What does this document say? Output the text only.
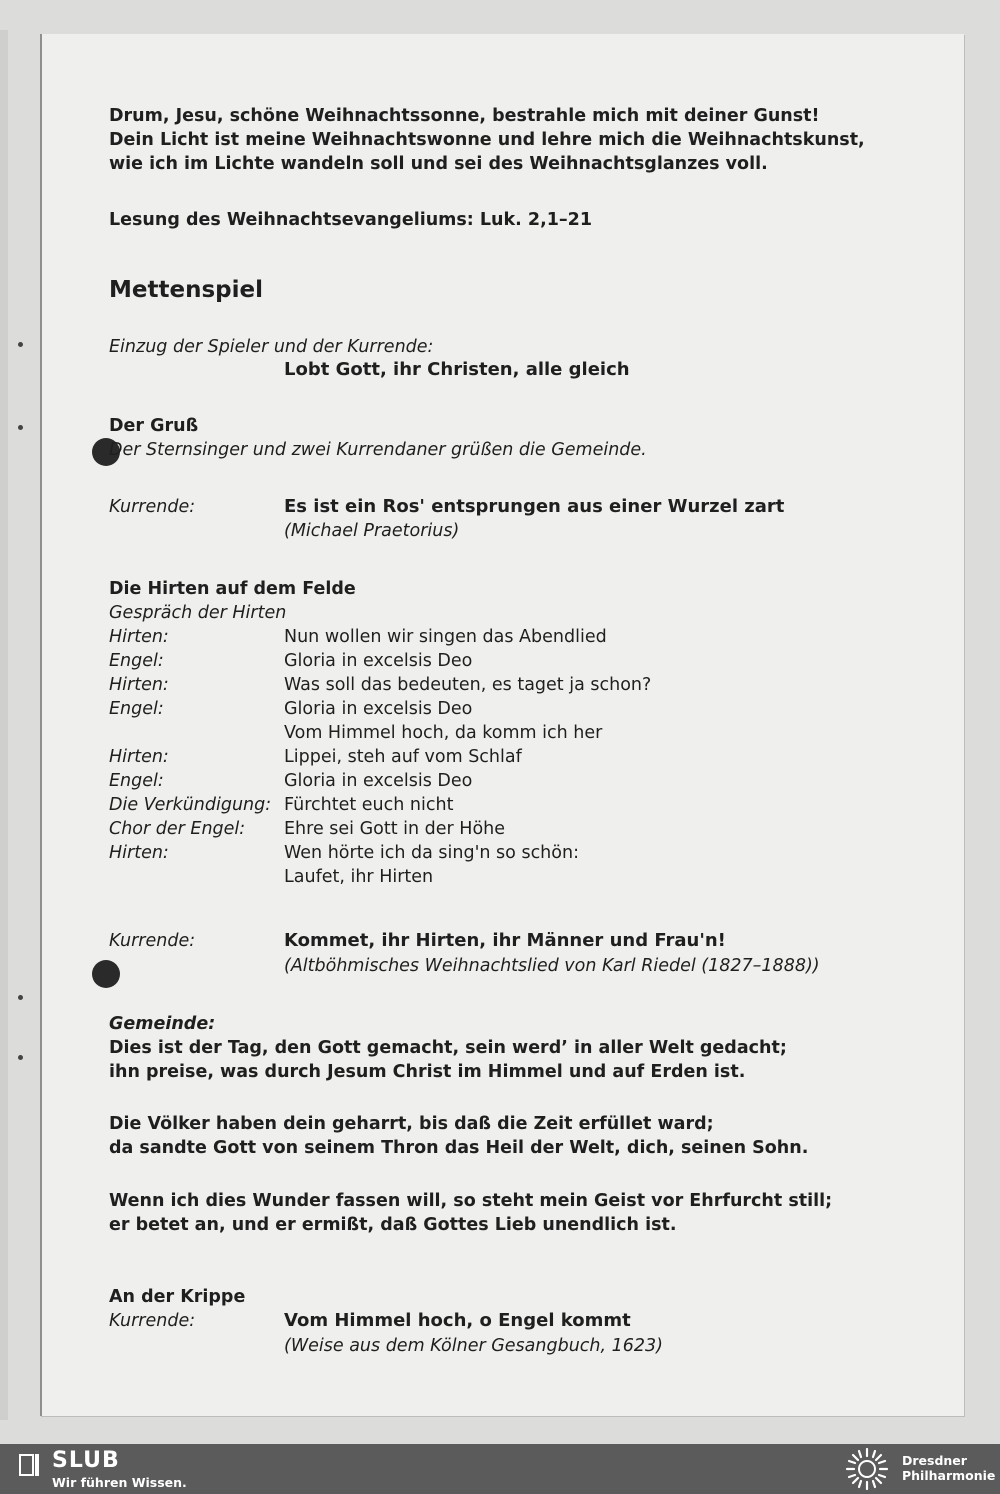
Drum, Jesu, schöne Weihnachtssonne, bestrahle mich mit deiner Gunst!
Dein Licht ist meine Weihnachtswonne und lehre mich die Weihnachtskunst,
wie ich im Lichte wandeln soll und sei des Weihnachtsglanzes voll.
Lesung des Weihnachtsevangeliums: Luk. 2,1–21
Mettenspiel
Einzug der Spieler und der Kurrende:
Lobt Gott, ihr Christen, alle gleich
Der Gruß
Der Sternsinger und zwei Kurrendaner grüßen die Gemeinde.
Kurrende:	Es ist ein Ros' entsprungen aus einer Wurzel zart
(Michael Praetorius)
Die Hirten auf dem Felde
Gespräch der Hirten
Hirten:	Nun wollen wir singen das Abendlied
Engel:	Gloria in excelsis Deo
Hirten:	Was soll das bedeuten, es taget ja schon?
Engel:	Gloria in excelsis Deo
Vom Himmel hoch, da komm ich her
Hirten:	Lippei, steh auf vom Schlaf
Engel:	Gloria in excelsis Deo
Die Verkündigung: Fürchtet euch nicht
Chor der Engel: Ehre sei Gott in der Höhe
Hirten:	Wen hörte ich da sing'n so schön:
Laufet, ihr Hirten
Kurrende:	Kommet, ihr Hirten, ihr Männer und Frau'n!
(Altböhmisches Weihnachtslied von Karl Riedel (1827–1888))
Gemeinde:
Dies ist der Tag, den Gott gemacht, sein werd’ in aller Welt gedacht;
ihn preise, was durch Jesum Christ im Himmel und auf Erden ist.
Die Völker haben dein geharrt, bis daß die Zeit erfüllet ward;
da sandte Gott von seinem Thron das Heil der Welt, dich, seinen Sohn.
Wenn ich dies Wunder fassen will, so steht mein Geist vor Ehrfurcht still;
er betet an, und er ermißt, daß Gottes Lieb unendlich ist.
An der Krippe
Kurrende:	Vom Himmel hoch, o Engel kommt
(Weise aus dem Kölner Gesangbuch, 1623)
SLUB
Wir führen Wissen.
Dresdner
Philharmonie
